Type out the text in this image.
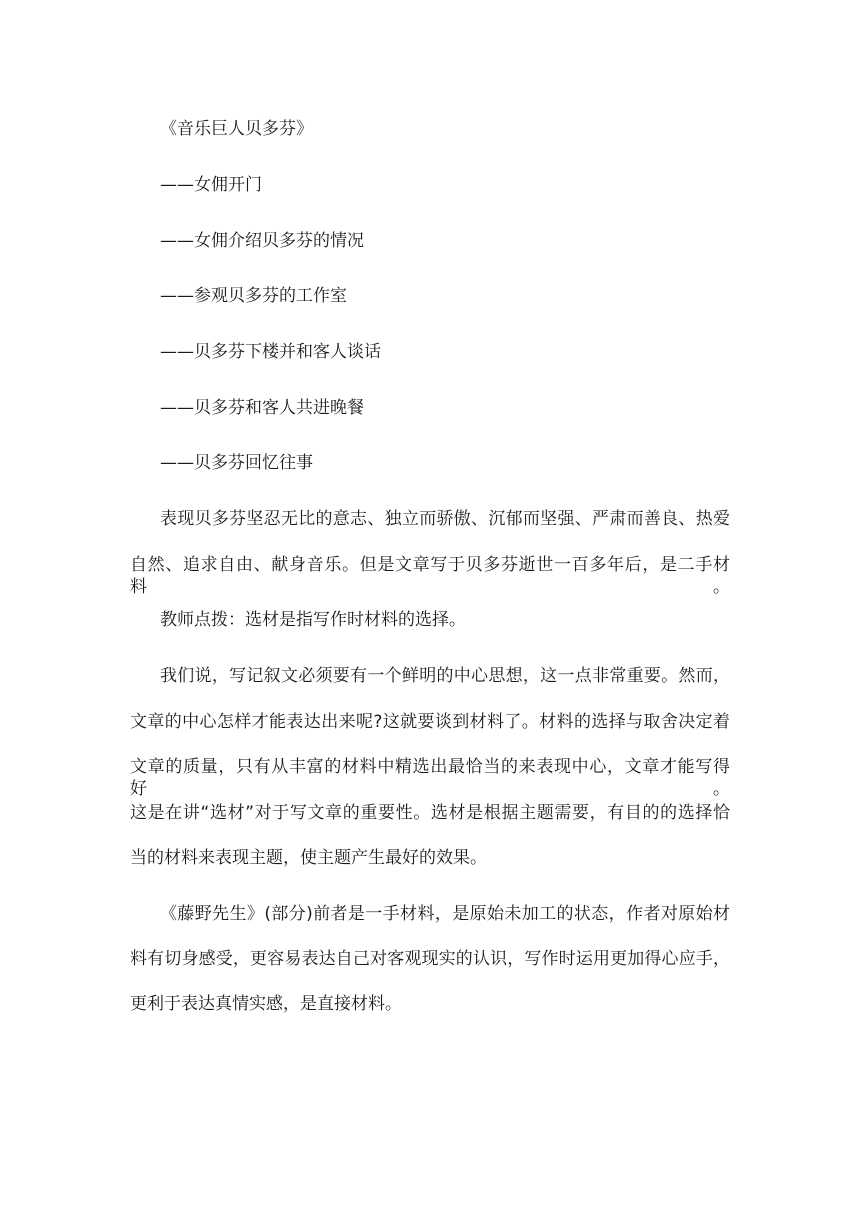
《音乐巨人贝多芬》
——女佣开门
——女佣介绍贝多芬的情况
——参观贝多芬的工作室
——贝多芬下楼并和客人谈话
——贝多芬和客人共进晚餐
——贝多芬回忆往事
表现贝多芬坚忍无比的意志、独立而骄傲、沉郁而坚强、严肃而善良、热爱
自然、追求自由、献身音乐。但是文章写于贝多芬逝世一百多年后，是二手材料。
教师点拨：选材是指写作时材料的选择。
我们说，写记叙文必须要有一个鲜明的中心思想，这一点非常重要。然而，
文章的中心怎样才能表达出来呢?这就要谈到材料了。材料的选择与取舍决定着
文章的质量，只有从丰富的材料中精选出最恰当的来表现中心，文章才能写得好。
这是在讲“选材”对于写文章的重要性。选材是根据主题需要，有目的的选择恰
当的材料来表现主题，使主题产生最好的效果。
《藤野先生》(部分)前者是一手材料，是原始未加工的状态，作者对原始材
料有切身感受，更容易表达自己对客观现实的认识，写作时运用更加得心应手，
更利于表达真情实感，是直接材料。
